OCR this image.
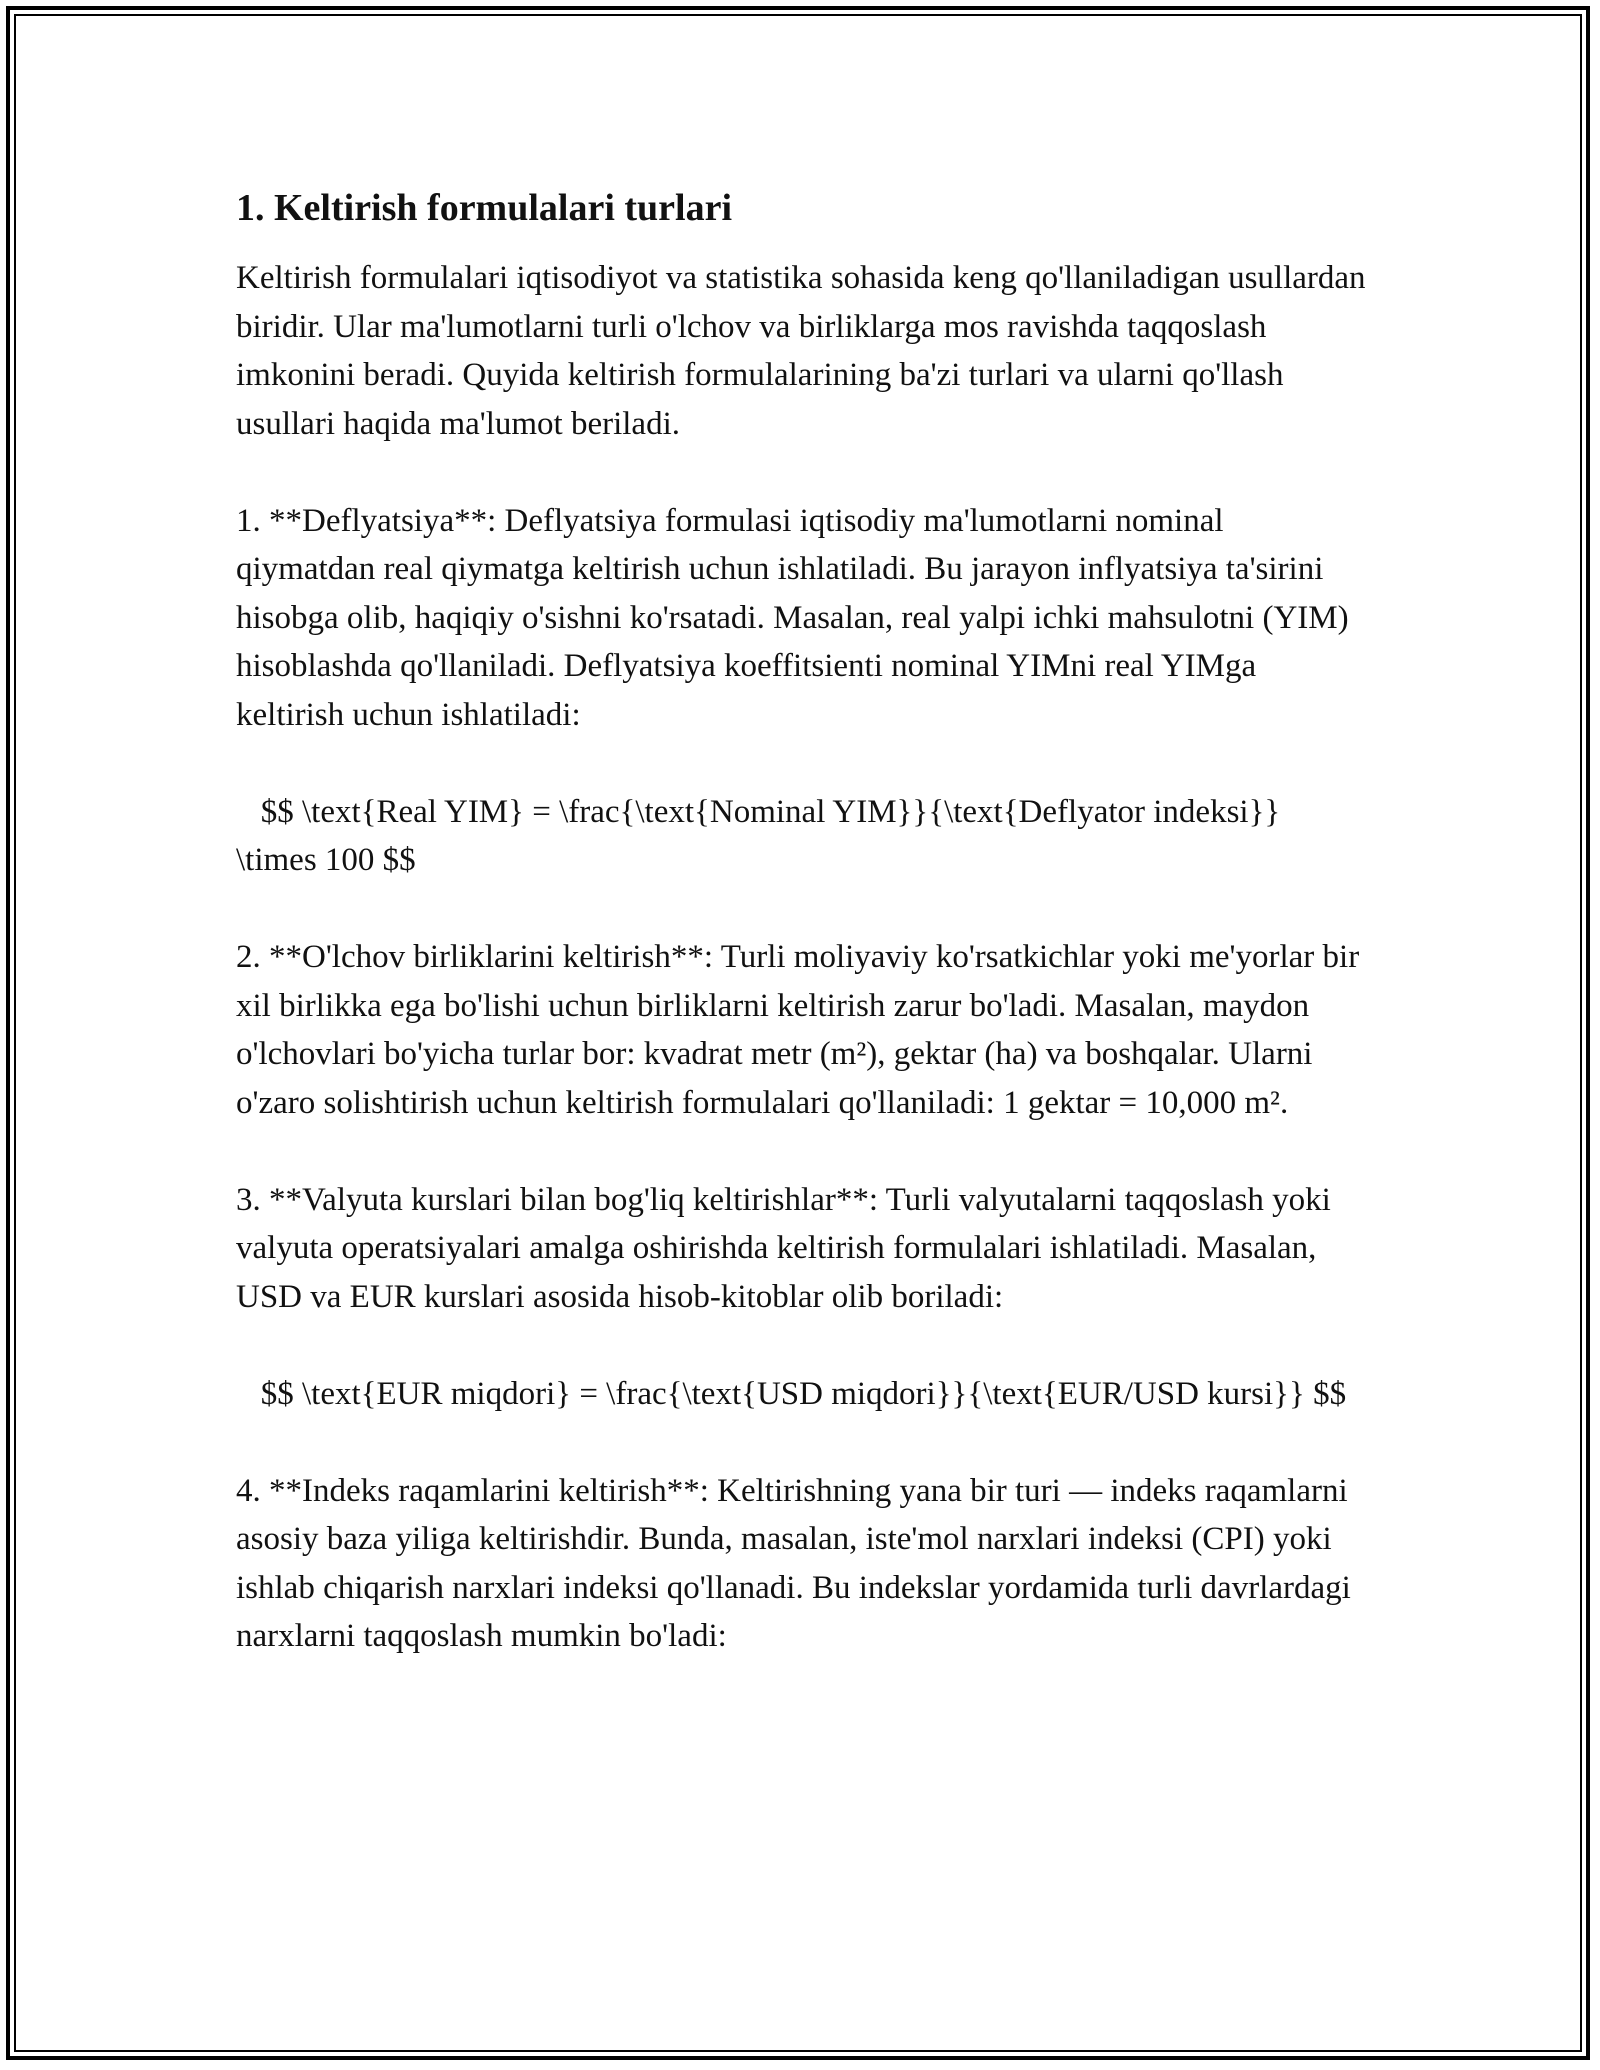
1. Keltirish formulalari turlari

Keltirish formulalari iqtisodiyot va statistika sohasida keng qo'llaniladigan usullardan biridir. Ular ma'lumotlarni turli o'lchov va birliklarga mos ravishda taqqoslash imkonini beradi. Quyida keltirish formulalarining ba'zi turlari va ularni qo'llash usullari haqida ma'lumot beriladi.

1. **Deflyatsiya**: Deflyatsiya formulasi iqtisodiy ma'lumotlarni nominal qiymatdan real qiymatga keltirish uchun ishlatiladi. Bu jarayon inflyatsiya ta'sirini hisobga olib, haqiqiy o'sishni ko'rsatadi. Masalan, real yalpi ichki mahsulotni (YIM) hisoblashda qo'llaniladi. Deflyatsiya koeffitsienti nominal YIMni real YIMga keltirish uchun ishlatiladi:

$$ \text{Real YIM} = \frac{\text{Nominal YIM}}{\text{Deflyator indeksi}} \times 100 $$

2. **O'lchov birliklarini keltirish**: Turli moliyaviy ko'rsatkichlar yoki me'yorlar bir xil birlikka ega bo'lishi uchun birliklarni keltirish zarur bo'ladi. Masalan, maydon o'lchovlari bo'yicha turlar bor: kvadrat metr (m²), gektar (ha) va boshqalar. Ularni o'zaro solishtirish uchun keltirish formulalari qo'llaniladi: 1 gektar = 10,000 m².

3. **Valyuta kurslari bilan bog'liq keltirishlar**: Turli valyutalarni taqqoslash yoki valyuta operatsiyalari amalga oshirishda keltirish formulalari ishlatiladi. Masalan, USD va EUR kurslari asosida hisob-kitoblar olib boriladi:

$$ \text{EUR miqdori} = \frac{\text{USD miqdori}}{\text{EUR/USD kursi}} $$

4. **Indeks raqamlarini keltirish**: Keltirishning yana bir turi — indeks raqamlarni asosiy baza yiliga keltirishdir. Bunda, masalan, iste'mol narxlari indeksi (CPI) yoki ishlab chiqarish narxlari indeksi qo'llanadi. Bu indekslar yordamida turli davrlardagi narxlarni taqqoslash mumkin bo'ladi:
